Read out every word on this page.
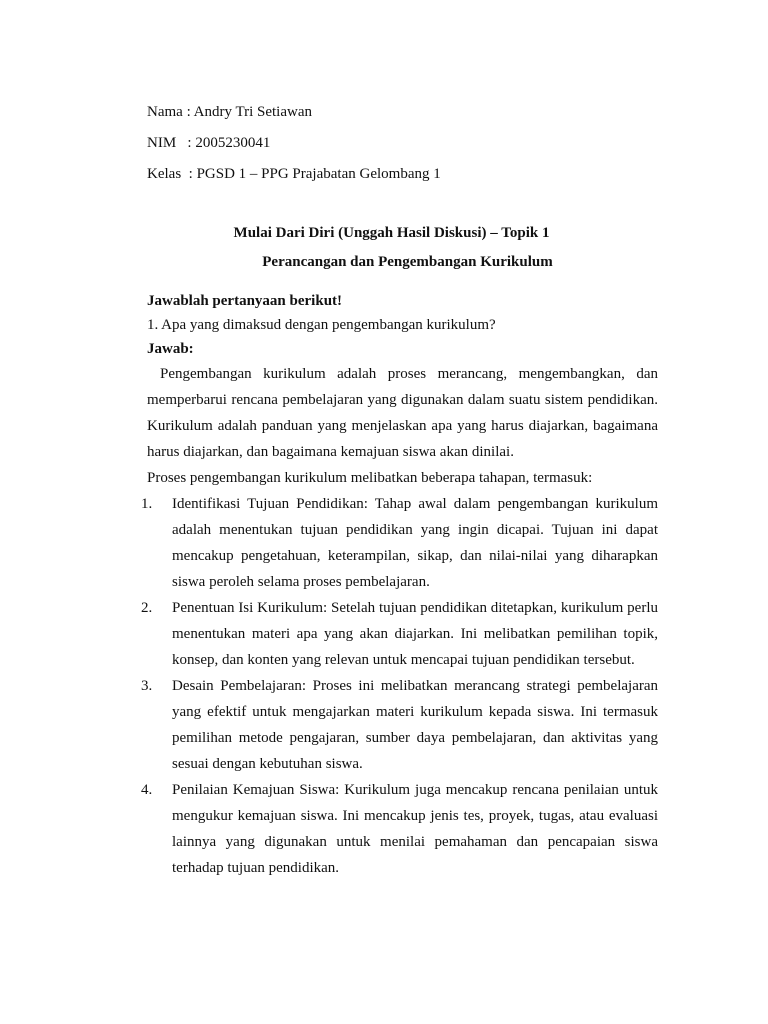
Nama : Andry Tri Setiawan
NIM   : 2005230041
Kelas  : PGSD 1 – PPG Prajabatan Gelombang 1
Mulai Dari Diri (Unggah Hasil Diskusi) – Topik 1
Perancangan dan Pengembangan Kurikulum
Jawablah pertanyaan berikut!
1. Apa yang dimaksud dengan pengembangan kurikulum?
Jawab:
Pengembangan kurikulum adalah proses merancang, mengembangkan, dan memperbarui rencana pembelajaran yang digunakan dalam suatu sistem pendidikan. Kurikulum adalah panduan yang menjelaskan apa yang harus diajarkan, bagaimana harus diajarkan, dan bagaimana kemajuan siswa akan dinilai.
Proses pengembangan kurikulum melibatkan beberapa tahapan, termasuk:
1. Identifikasi Tujuan Pendidikan: Tahap awal dalam pengembangan kurikulum adalah menentukan tujuan pendidikan yang ingin dicapai. Tujuan ini dapat mencakup pengetahuan, keterampilan, sikap, dan nilai-nilai yang diharapkan siswa peroleh selama proses pembelajaran.
2. Penentuan Isi Kurikulum: Setelah tujuan pendidikan ditetapkan, kurikulum perlu menentukan materi apa yang akan diajarkan. Ini melibatkan pemilihan topik, konsep, dan konten yang relevan untuk mencapai tujuan pendidikan tersebut.
3. Desain Pembelajaran: Proses ini melibatkan merancang strategi pembelajaran yang efektif untuk mengajarkan materi kurikulum kepada siswa. Ini termasuk pemilihan metode pengajaran, sumber daya pembelajaran, dan aktivitas yang sesuai dengan kebutuhan siswa.
4. Penilaian Kemajuan Siswa: Kurikulum juga mencakup rencana penilaian untuk mengukur kemajuan siswa. Ini mencakup jenis tes, proyek, tugas, atau evaluasi lainnya yang digunakan untuk menilai pemahaman dan pencapaian siswa terhadap tujuan pendidikan.
